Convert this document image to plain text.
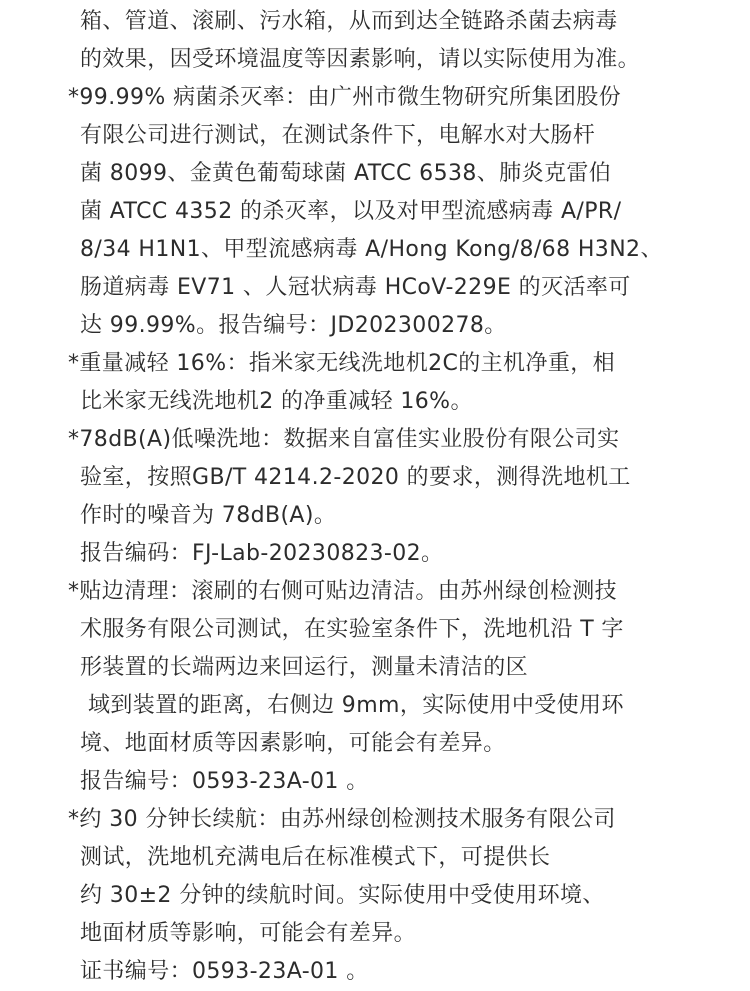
箱、管道、滚刷、污水箱，从而到达全链路杀菌去病毒
的效果，因受环境温度等因素影响，请以实际使用为准。
*99.99% 病菌杀灭率：由广州市微生物研究所集团股份
有限公司进行测试，在测试条件下，电解水对大肠杆
菌 8099、金黄色葡萄球菌 ATCC 6538、肺炎克雷伯
菌 ATCC 4352 的杀灭率，以及对甲型流感病毒 A/PR/
8/34 H1N1、甲型流感病毒 A/Hong Kong/8/68 H3N2、
肠道病毒 EV71 、人冠状病毒 HCoV-229E 的灭活率可
达 99.99%。报告编号：JD202300278。
*重量减轻 16%：指米家无线洗地机2C的主机净重，相
比米家无线洗地机2 的净重减轻 16%。
*78dB(A)低噪洗地：数据来自富佳实业股份有限公司实
验室，按照GB/T 4214.2-2020 的要求，测得洗地机工
作时的噪音为 78dB(A)。
报告编码：FJ-Lab-20230823-02。
*贴边清理：滚刷的右侧可贴边清洁。由苏州绿创检测技
术服务有限公司测试，在实验室条件下，洗地机沿 T 字
形装置的长端两边来回运行，测量未清洁的区
域到装置的距离，右侧边 9mm，实际使用中受使用环
境、地面材质等因素影响，可能会有差异。
报告编号：0593-23A-01 。
*约 30 分钟长续航：由苏州绿创检测技术服务有限公司
测试，洗地机充满电后在标准模式下，可提供长
约 30±2 分钟的续航时间。实际使用中受使用环境、
地面材质等影响，可能会有差异。
证书编号：0593-23A-01 。
